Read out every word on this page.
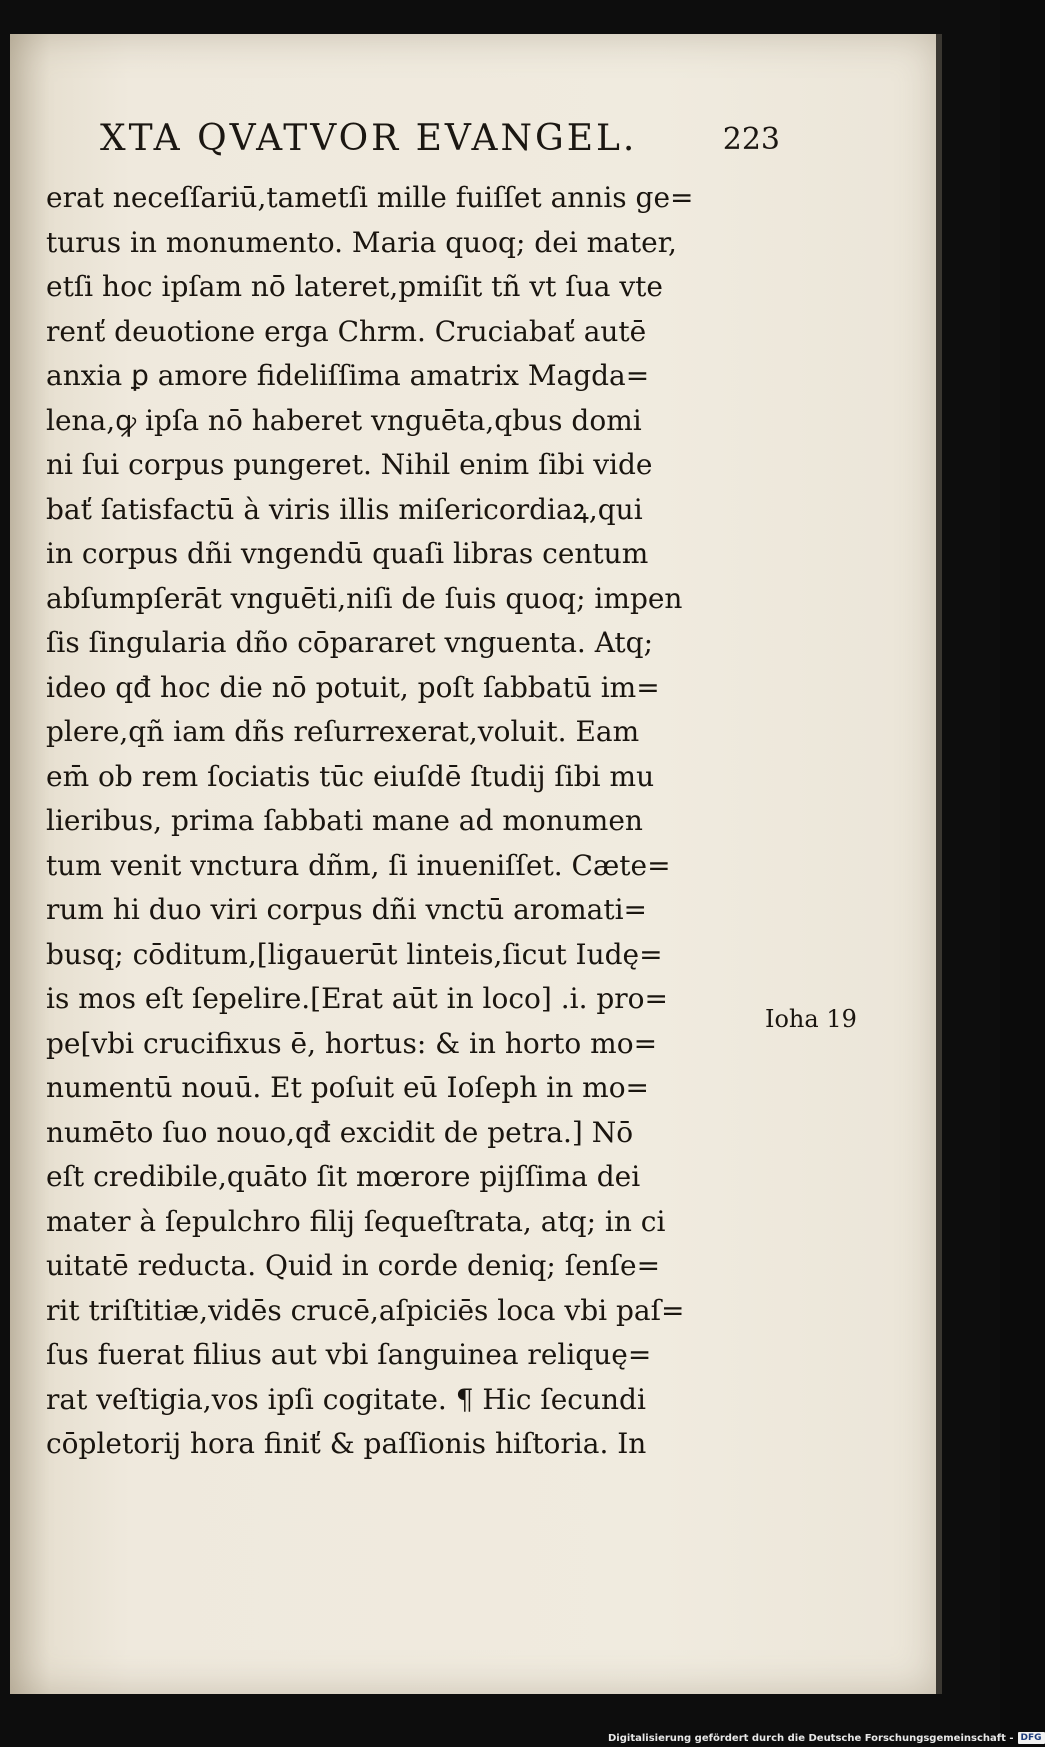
XTA QVATVOR EVANGEL.	223
erat neceſſariū,tametſi mille fuiſſet annis ge=
turus in monumento. Maria quoq; dei mater,
etſi hoc ipſam nō lateret,pmiſit tñ vt ſua vte
renť deuotione erga Chrm. Cruciabať autē
anxia ꝑ amore fideliſſima amatrix Magda=
lena,ꝙ ipſa nō haberet vnguēta,qbus domi
ni ſui corpus pungeret. Nihil enim ſibi vide
bať ſatisfactū à viris illis miſericordiaꝝ,qui
in corpus dñi vngendū quaſi libras centum
abſumpſerāt vnguēti,niſi de ſuis quoq; impen
ſis ſingularia dño cōpararet vnguenta. Atq;
ideo qđ hoc die nō potuit, poſt ſabbatū im=
plere,qñ iam dñs reſurrexerat,voluit. Eam
em̄ ob rem ſociatis tūc eiuſdē ſtudij ſibi mu
lieribus, prima ſabbati mane ad monumen
tum venit vnctura dñm, ſi inueniſſet. Cæte=
rum hi duo viri corpus dñi vnctū aromati=
busq; cōditum,[ligauerūt linteis,ſicut Iudę=
is mos eſt ſepelire.[Erat aūt in loco] .i. pro=
pe[vbi crucifixus ē, hortus: & in horto mo=
numentū nouū. Et poſuit eū Ioſeph in mo=
numēto ſuo nouo,qđ excidit de petra.] Nō
eſt credibile,quāto ſit mœrore pijſſima dei
mater à ſepulchro filij ſequeſtrata, atq; in ci
uitatē reducta. Quid in corde deniq; ſenſe=
rit triſtitiæ,vidēs crucē,aſpiciēs loca vbi paſ=
ſus fuerat filius aut vbi ſanguinea reliquę=
rat veſtigia,vos ipſi cogitate. ¶ Hic ſecundi
cōpletorij hora finiť & paſſionis hiſtoria. In
Ioha 19
Digitalisierung gefördert durch die Deutsche Forschungsgemeinschaft - DFG
